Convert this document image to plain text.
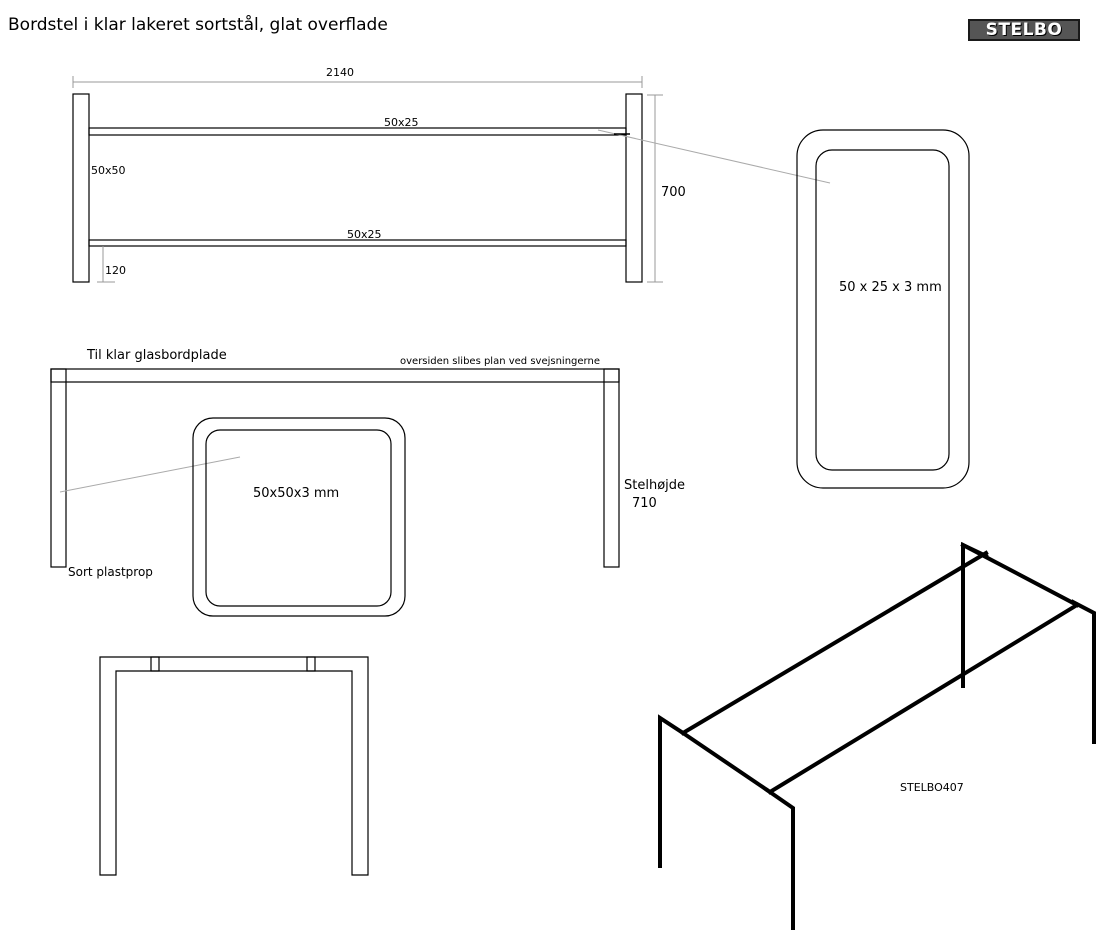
Bordstel i klar lakeret sortstål, glat overflade	STELBO
2140
50x25
50x50
700
50x25
120
50 x 25 x 3 mm
Til klar glasbordplade	oversiden slibes plan ved svejsningerne
Stelhøjde
710
Sort plastprop
50x50x3 mm
STELBO407
